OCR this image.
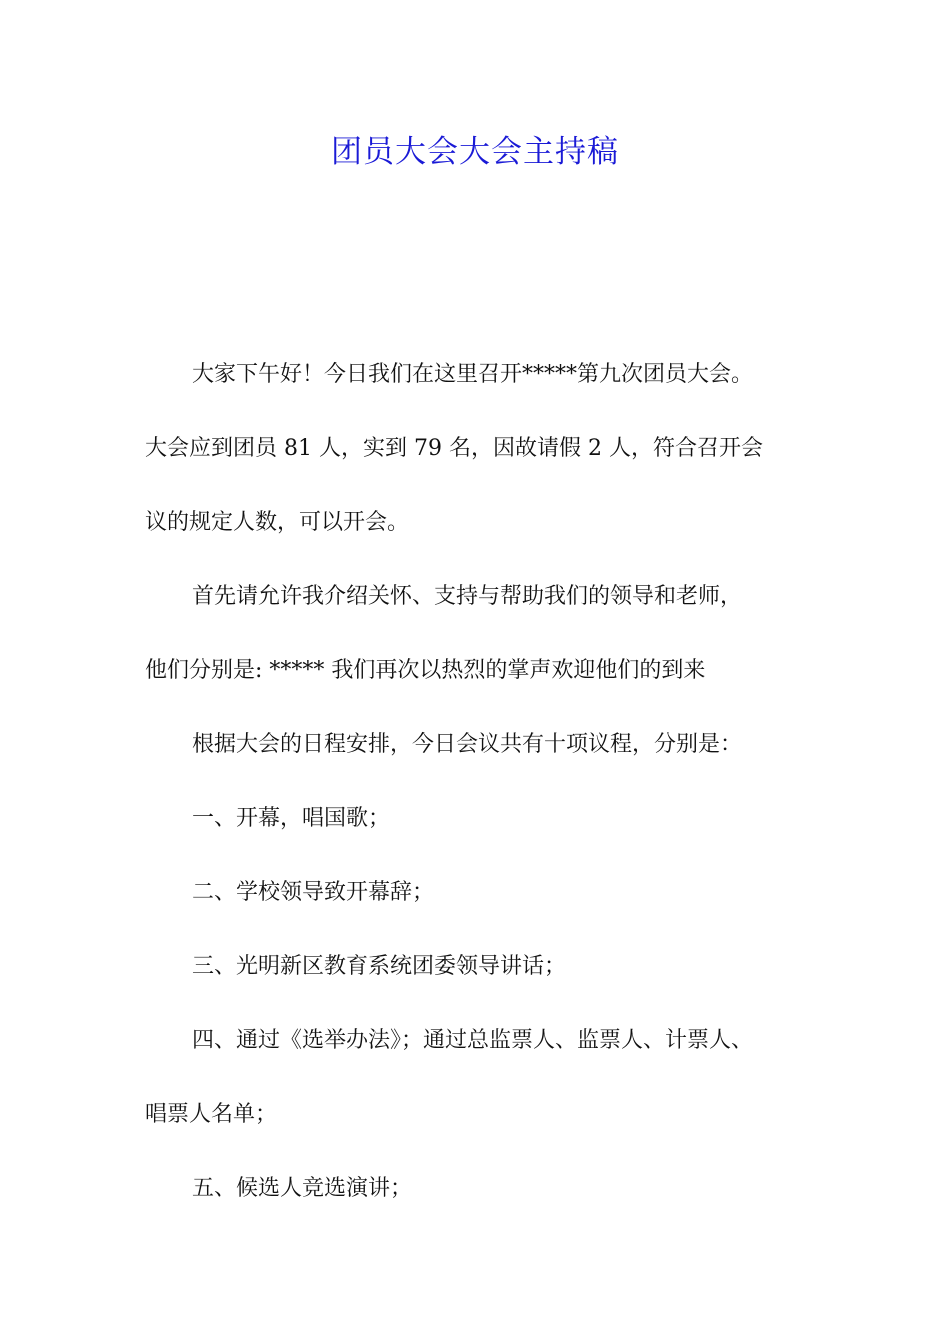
团员大会大会主持稿
大家下午好！今日我们在这里召开*****第九次团员大会。
大会应到团员 81 人，实到 79 名，因故请假 2 人，符合召开会
议的规定人数，可以开会。
首先请允许我介绍关怀、支持与帮助我们的领导和老师，
他们分别是: ***** 我们再次以热烈的掌声欢迎他们的到来
根据大会的日程安排，今日会议共有十项议程，分别是：
一、开幕，唱国歌；
二、学校领导致开幕辞；
三、光明新区教育系统团委领导讲话；
四、通过《选举办法》；通过总监票人、监票人、计票人、
唱票人名单；
五、候选人竞选演讲；
